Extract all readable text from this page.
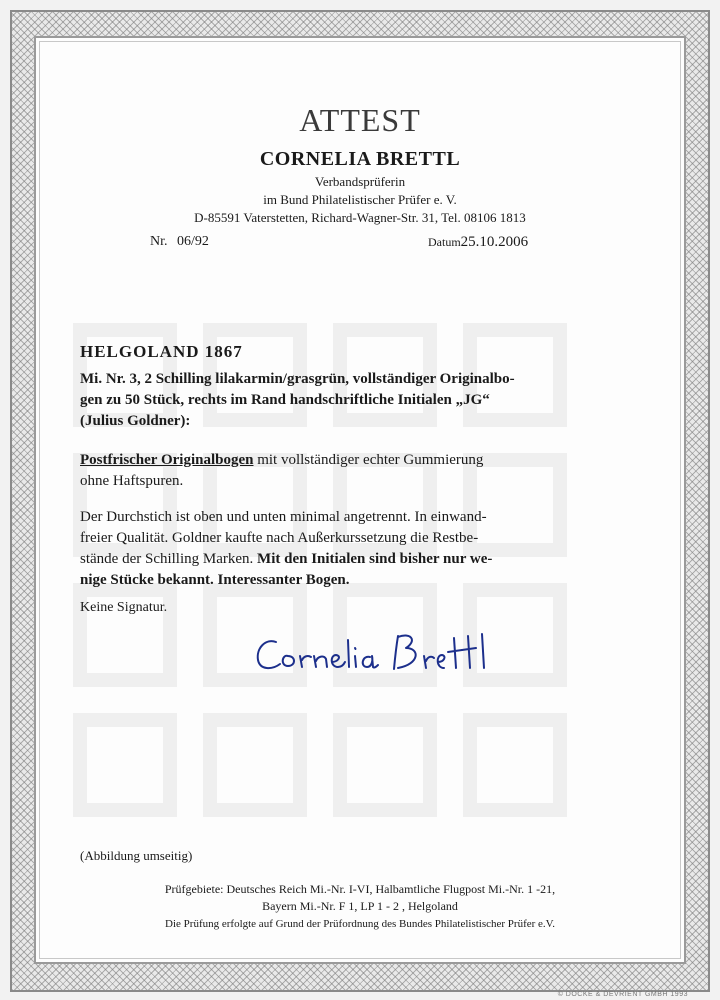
ATTEST
CORNELIA BRETTL
Verbandsprüferin
im Bund Philatelistischer Prüfer e. V.
D-85591 Vaterstetten, Richard-Wagner-Str. 31, Tel. 08106 1813
Nr. 06/92	Datum25.10.2006
HELGOLAND 1867
Mi. Nr. 3, 2 Schilling lilakarmin/grasgrün, vollständiger Originalbo-
gen zu 50 Stück, rechts im Rand handschriftliche Initialen „JG“
(Julius Goldner):
Postfrischer Originalbogen mit vollständiger echter Gummierung
ohne Haftspuren.
Der Durchstich ist oben und unten minimal angetrennt. In einwand-
freier Qualität. Goldner kaufte nach Außerkurssetzung die Restbe-
stände der Schilling Marken. Mit den Initialen sind bisher nur we-
nige Stücke bekannt. Interessanter Bogen.
Keine Signatur.
(Abbildung umseitig)
Prüfgebiete: Deutsches Reich Mi.-Nr. I-VI, Halbamtliche Flugpost Mi.-Nr. 1 -21,
Bayern Mi.-Nr. F 1, LP 1 - 2 , Helgoland
Die Prüfung erfolgte auf Grund der Prüfordnung des Bundes Philatelistischer Prüfer e.V.
© DOCKE & DEVRIENT GMBH 1993
